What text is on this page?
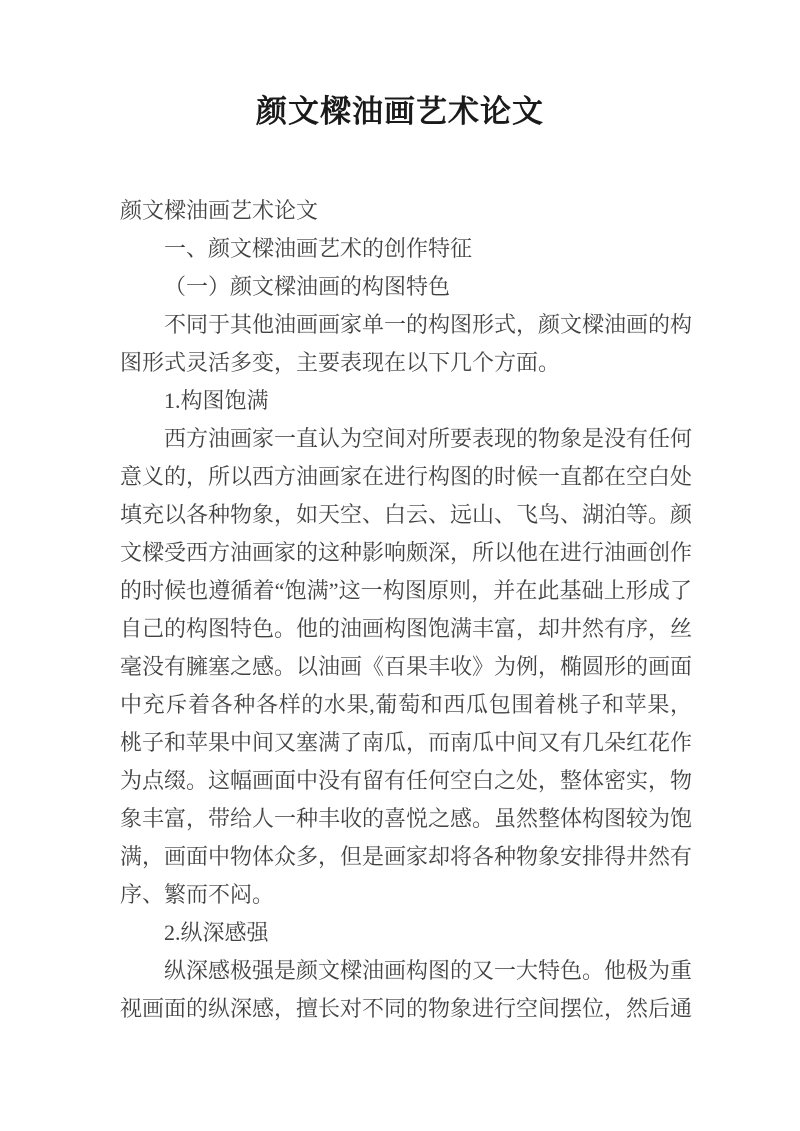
颜文樑油画艺术论文

颜文樑油画艺术论文

一、颜文樑油画艺术的创作特征

（一）颜文樑油画的构图特色

不同于其他油画画家单一的构图形式，颜文樑油画的构图形式灵活多变，主要表现在以下几个方面。

1.构图饱满

西方油画家一直认为空间对所要表现的物象是没有任何意义的，所以西方油画家在进行构图的时候一直都在空白处填充以各种物象，如天空、白云、远山、飞鸟、湖泊等。颜文樑受西方油画家的这种影响颇深，所以他在进行油画创作的时候也遵循着“饱满”这一构图原则，并在此基础上形成了自己的构图特色。他的油画构图饱满丰富，却井然有序，丝毫没有臃塞之感。以油画《百果丰收》为例，椭圆形的画面中充斥着各种各样的水果,葡萄和西瓜包围着桃子和苹果，桃子和苹果中间又塞满了南瓜，而南瓜中间又有几朵红花作为点缀。这幅画面中没有留有任何空白之处，整体密实，物象丰富，带给人一种丰收的喜悦之感。虽然整体构图较为饱满，画面中物体众多，但是画家却将各种物象安排得井然有序、繁而不闷。

2.纵深感强

纵深感极强是颜文樑油画构图的又一大特色。他极为重视画面的纵深感，擅长对不同的物象进行空间摆位，然后通
